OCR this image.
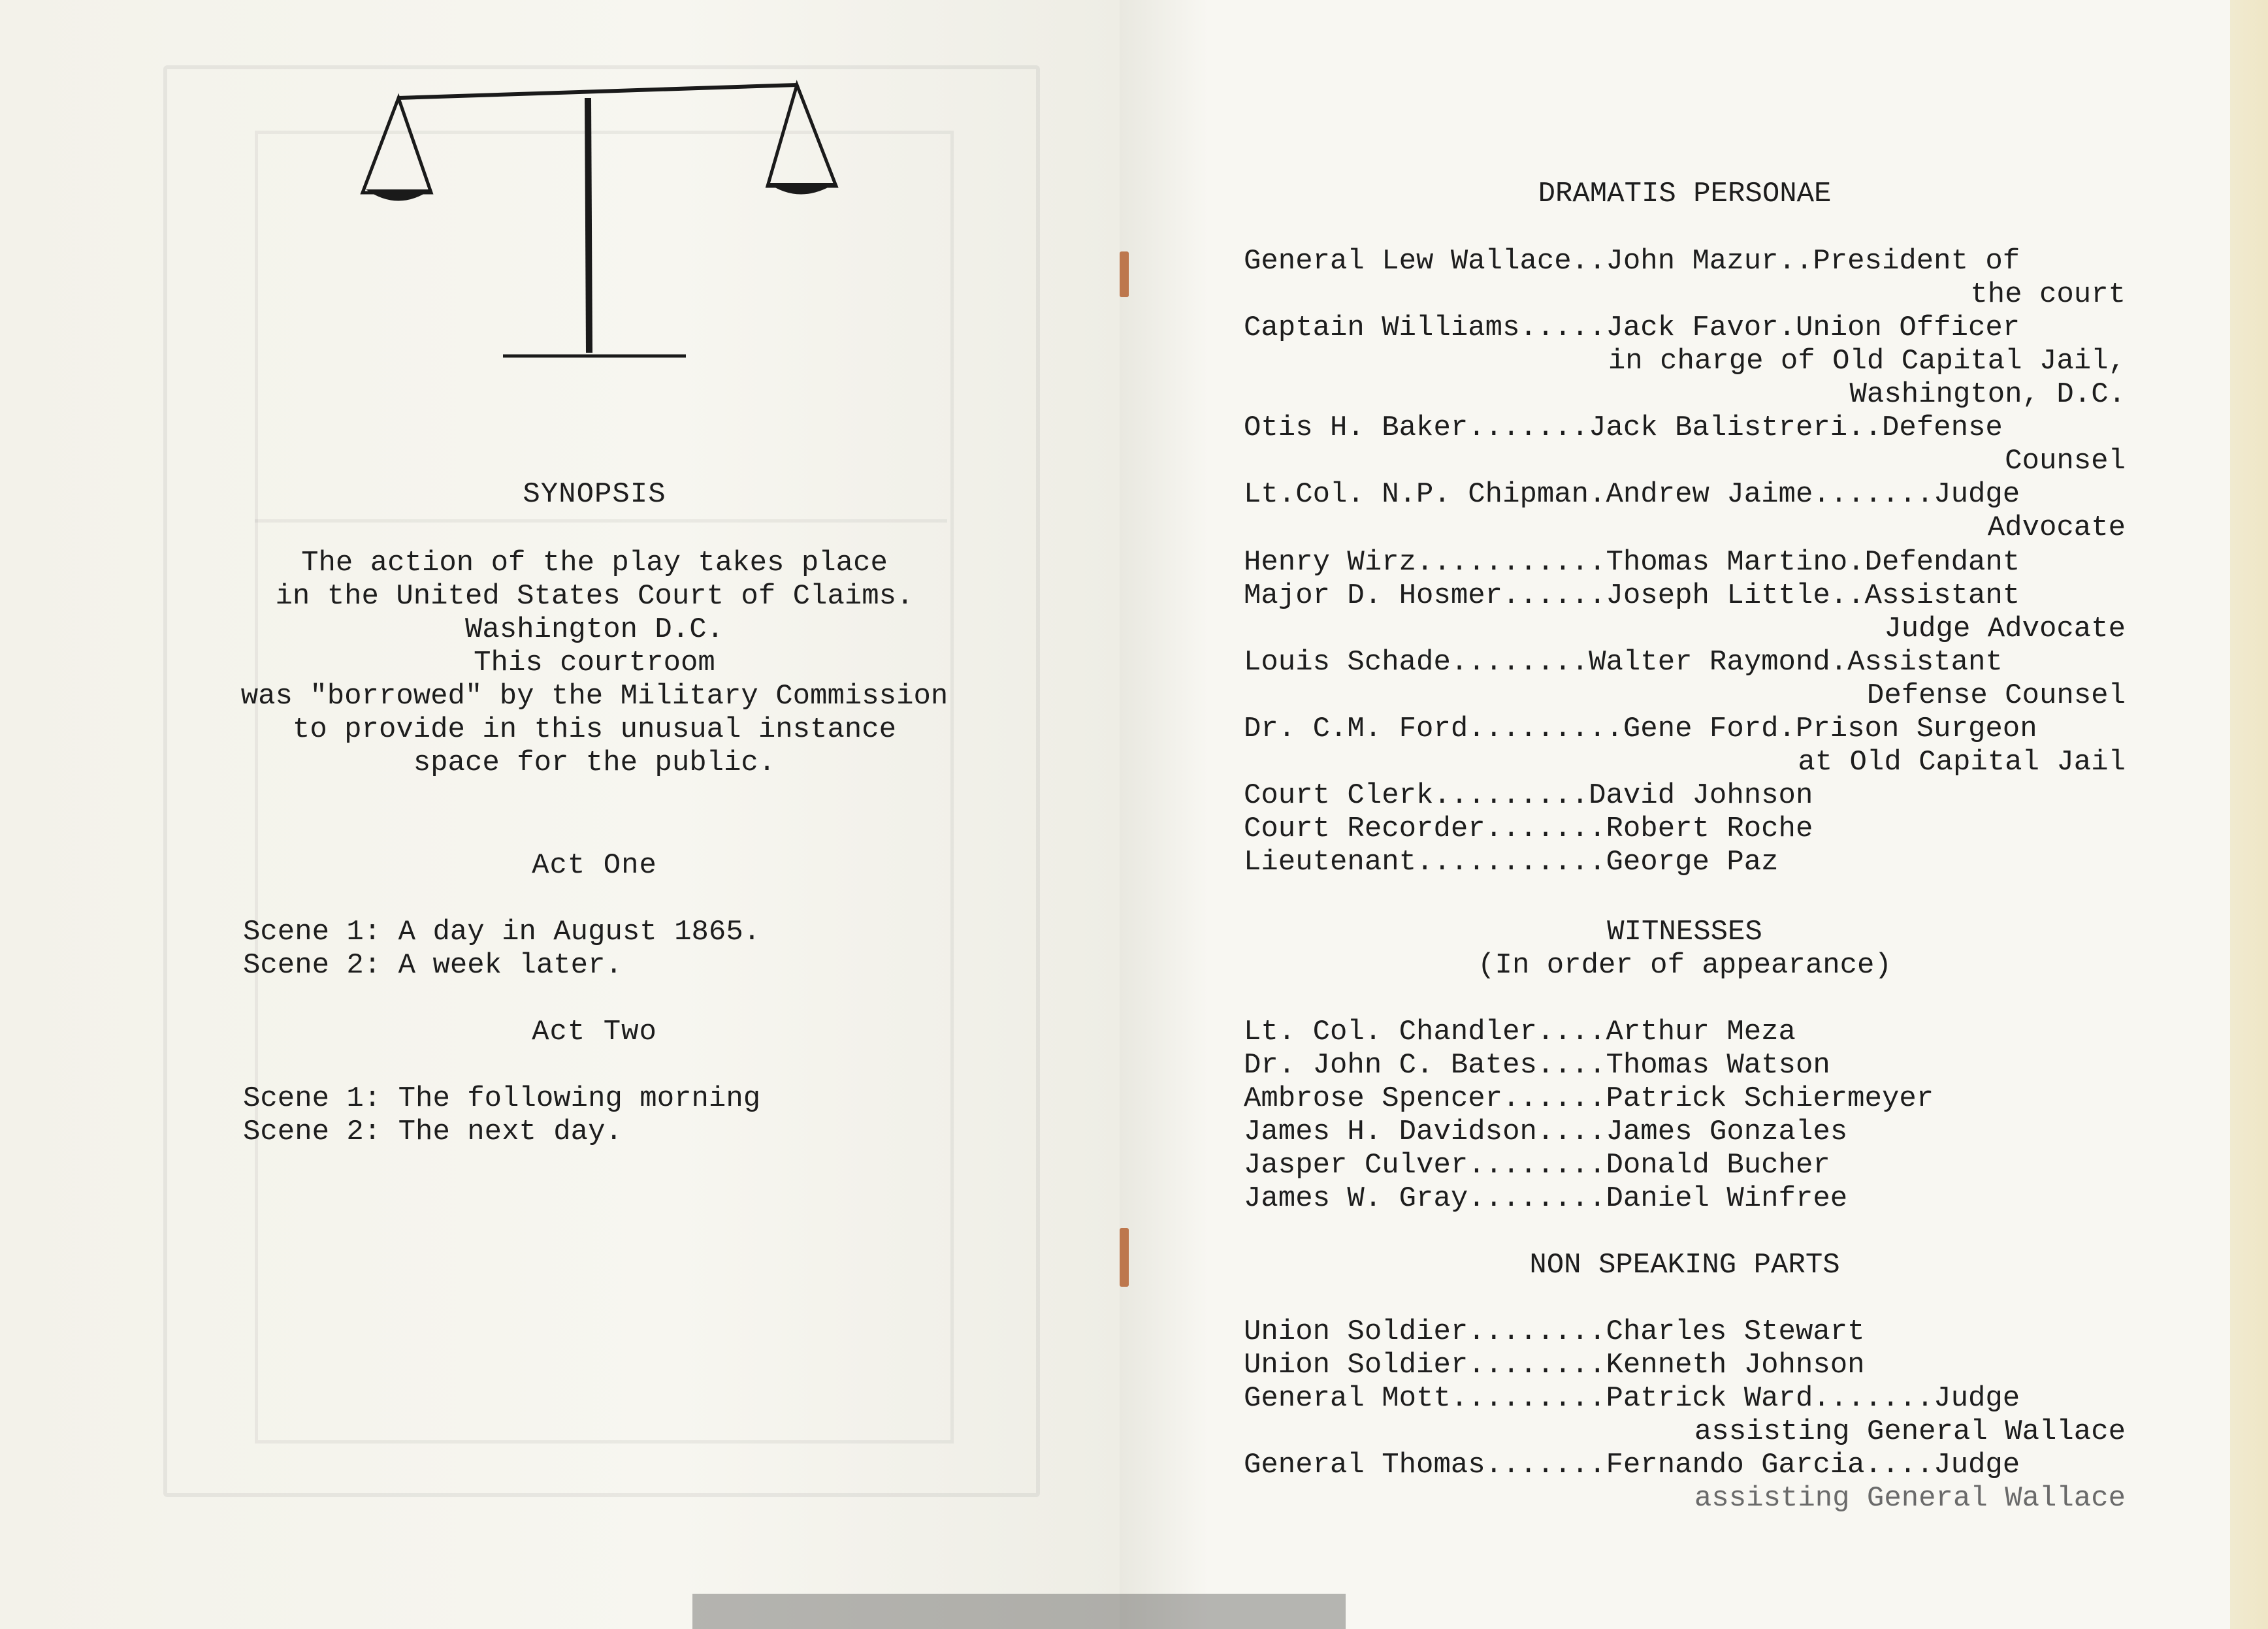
SYNOPSIS
The action of the play takes place
in the United States Court of Claims.
Washington D.C.
This courtroom
was "borrowed" by the Military Commission
to provide in this unusual instance
space for the public.
Act One
Scene 1: A day in August 1865.
Scene 2: A week later.
Act Two
Scene 1: The following morning
Scene 2: The next day.
DRAMATIS PERSONAE
General Lew Wallace..John Mazur..President of
the court
Captain Williams.....Jack Favor.Union Officer
in charge of Old Capital Jail,
Washington, D.C.
Otis H. Baker.......Jack Balistreri..Defense
Counsel
Lt.Col. N.P. Chipman.Andrew Jaime.......Judge
Advocate
Henry Wirz...........Thomas Martino.Defendant
Major D. Hosmer......Joseph Little..Assistant
Judge Advocate
Louis Schade........Walter Raymond.Assistant
Defense Counsel
Dr. C.M. Ford.........Gene Ford.Prison Surgeon
at Old Capital Jail
Court Clerk.........David Johnson
Court Recorder.......Robert Roche
Lieutenant...........George Paz
WITNESSES
(In order of appearance)
Lt. Col. Chandler....Arthur Meza
Dr. John C. Bates....Thomas Watson
Ambrose Spencer......Patrick Schiermeyer
James H. Davidson....James Gonzales
Jasper Culver........Donald Bucher
James W. Gray........Daniel Winfree
NON SPEAKING PARTS
Union Soldier........Charles Stewart
Union Soldier........Kenneth Johnson
General Mott.........Patrick Ward.......Judge
assisting General Wallace
General Thomas.......Fernando Garcia....Judge
assisting General Wallace
